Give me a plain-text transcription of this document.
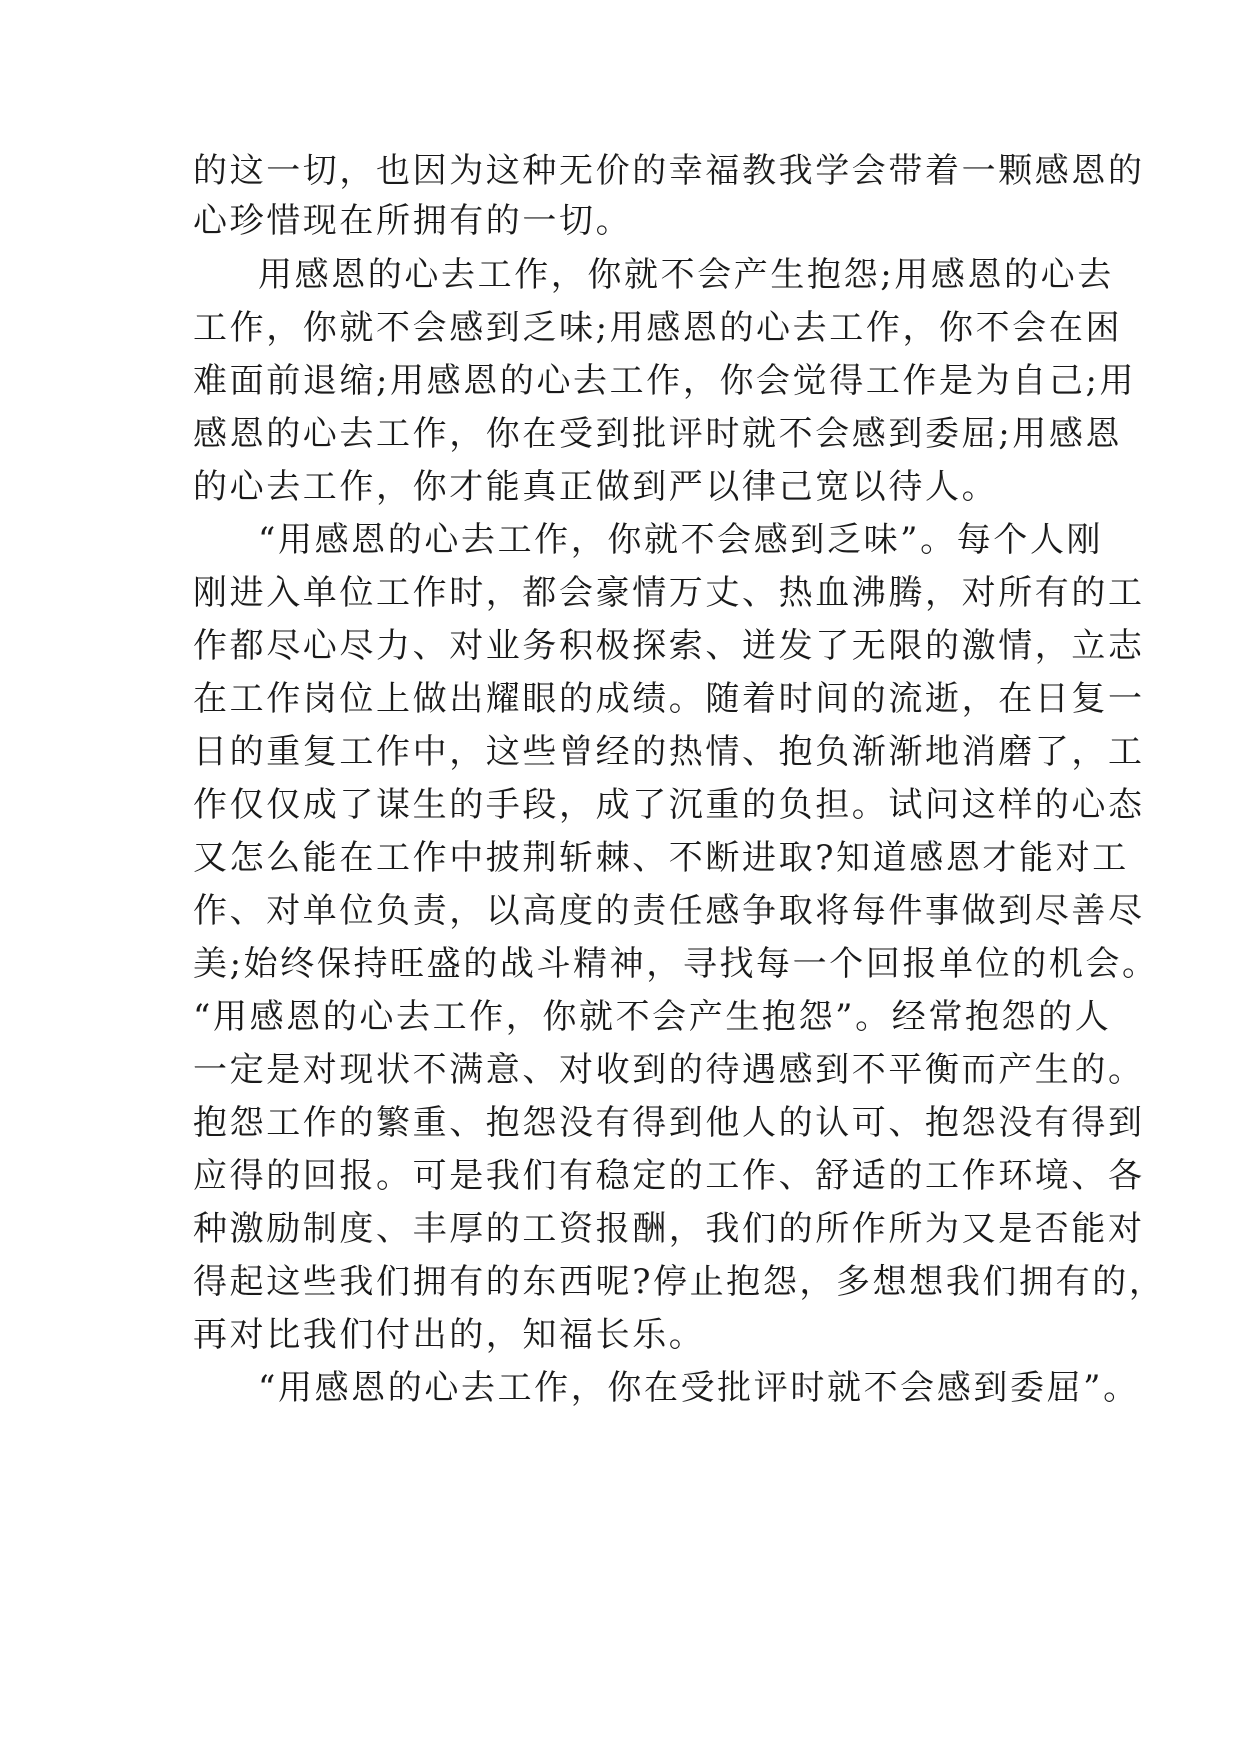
的这一切，也因为这种无价的幸福教我学会带着一颗感恩的
心珍惜现在所拥有的一切。
用感恩的心去工作，你就不会产生抱怨;用感恩的心去
工作，你就不会感到乏味;用感恩的心去工作，你不会在困
难面前退缩;用感恩的心去工作，你会觉得工作是为自己;用
感恩的心去工作，你在受到批评时就不会感到委屈;用感恩
的心去工作，你才能真正做到严以律己宽以待人。
“用感恩的心去工作，你就不会感到乏味”。每个人刚
刚进入单位工作时，都会豪情万丈、热血沸腾，对所有的工
作都尽心尽力、对业务积极探索、迸发了无限的激情，立志
在工作岗位上做出耀眼的成绩。随着时间的流逝，在日复一
日的重复工作中，这些曾经的热情、抱负渐渐地消磨了，工
作仅仅成了谋生的手段，成了沉重的负担。试问这样的心态
又怎么能在工作中披荆斩棘、不断进取?知道感恩才能对工
作、对单位负责，以高度的责任感争取将每件事做到尽善尽
美;始终保持旺盛的战斗精神，寻找每一个回报单位的机会。
“用感恩的心去工作，你就不会产生抱怨”。经常抱怨的人
一定是对现状不满意、对收到的待遇感到不平衡而产生的。
抱怨工作的繁重、抱怨没有得到他人的认可、抱怨没有得到
应得的回报。可是我们有稳定的工作、舒适的工作环境、各
种激励制度、丰厚的工资报酬，我们的所作所为又是否能对
得起这些我们拥有的东西呢?停止抱怨，多想想我们拥有的，
再对比我们付出的，知福长乐。
“用感恩的心去工作，你在受批评时就不会感到委屈”。
